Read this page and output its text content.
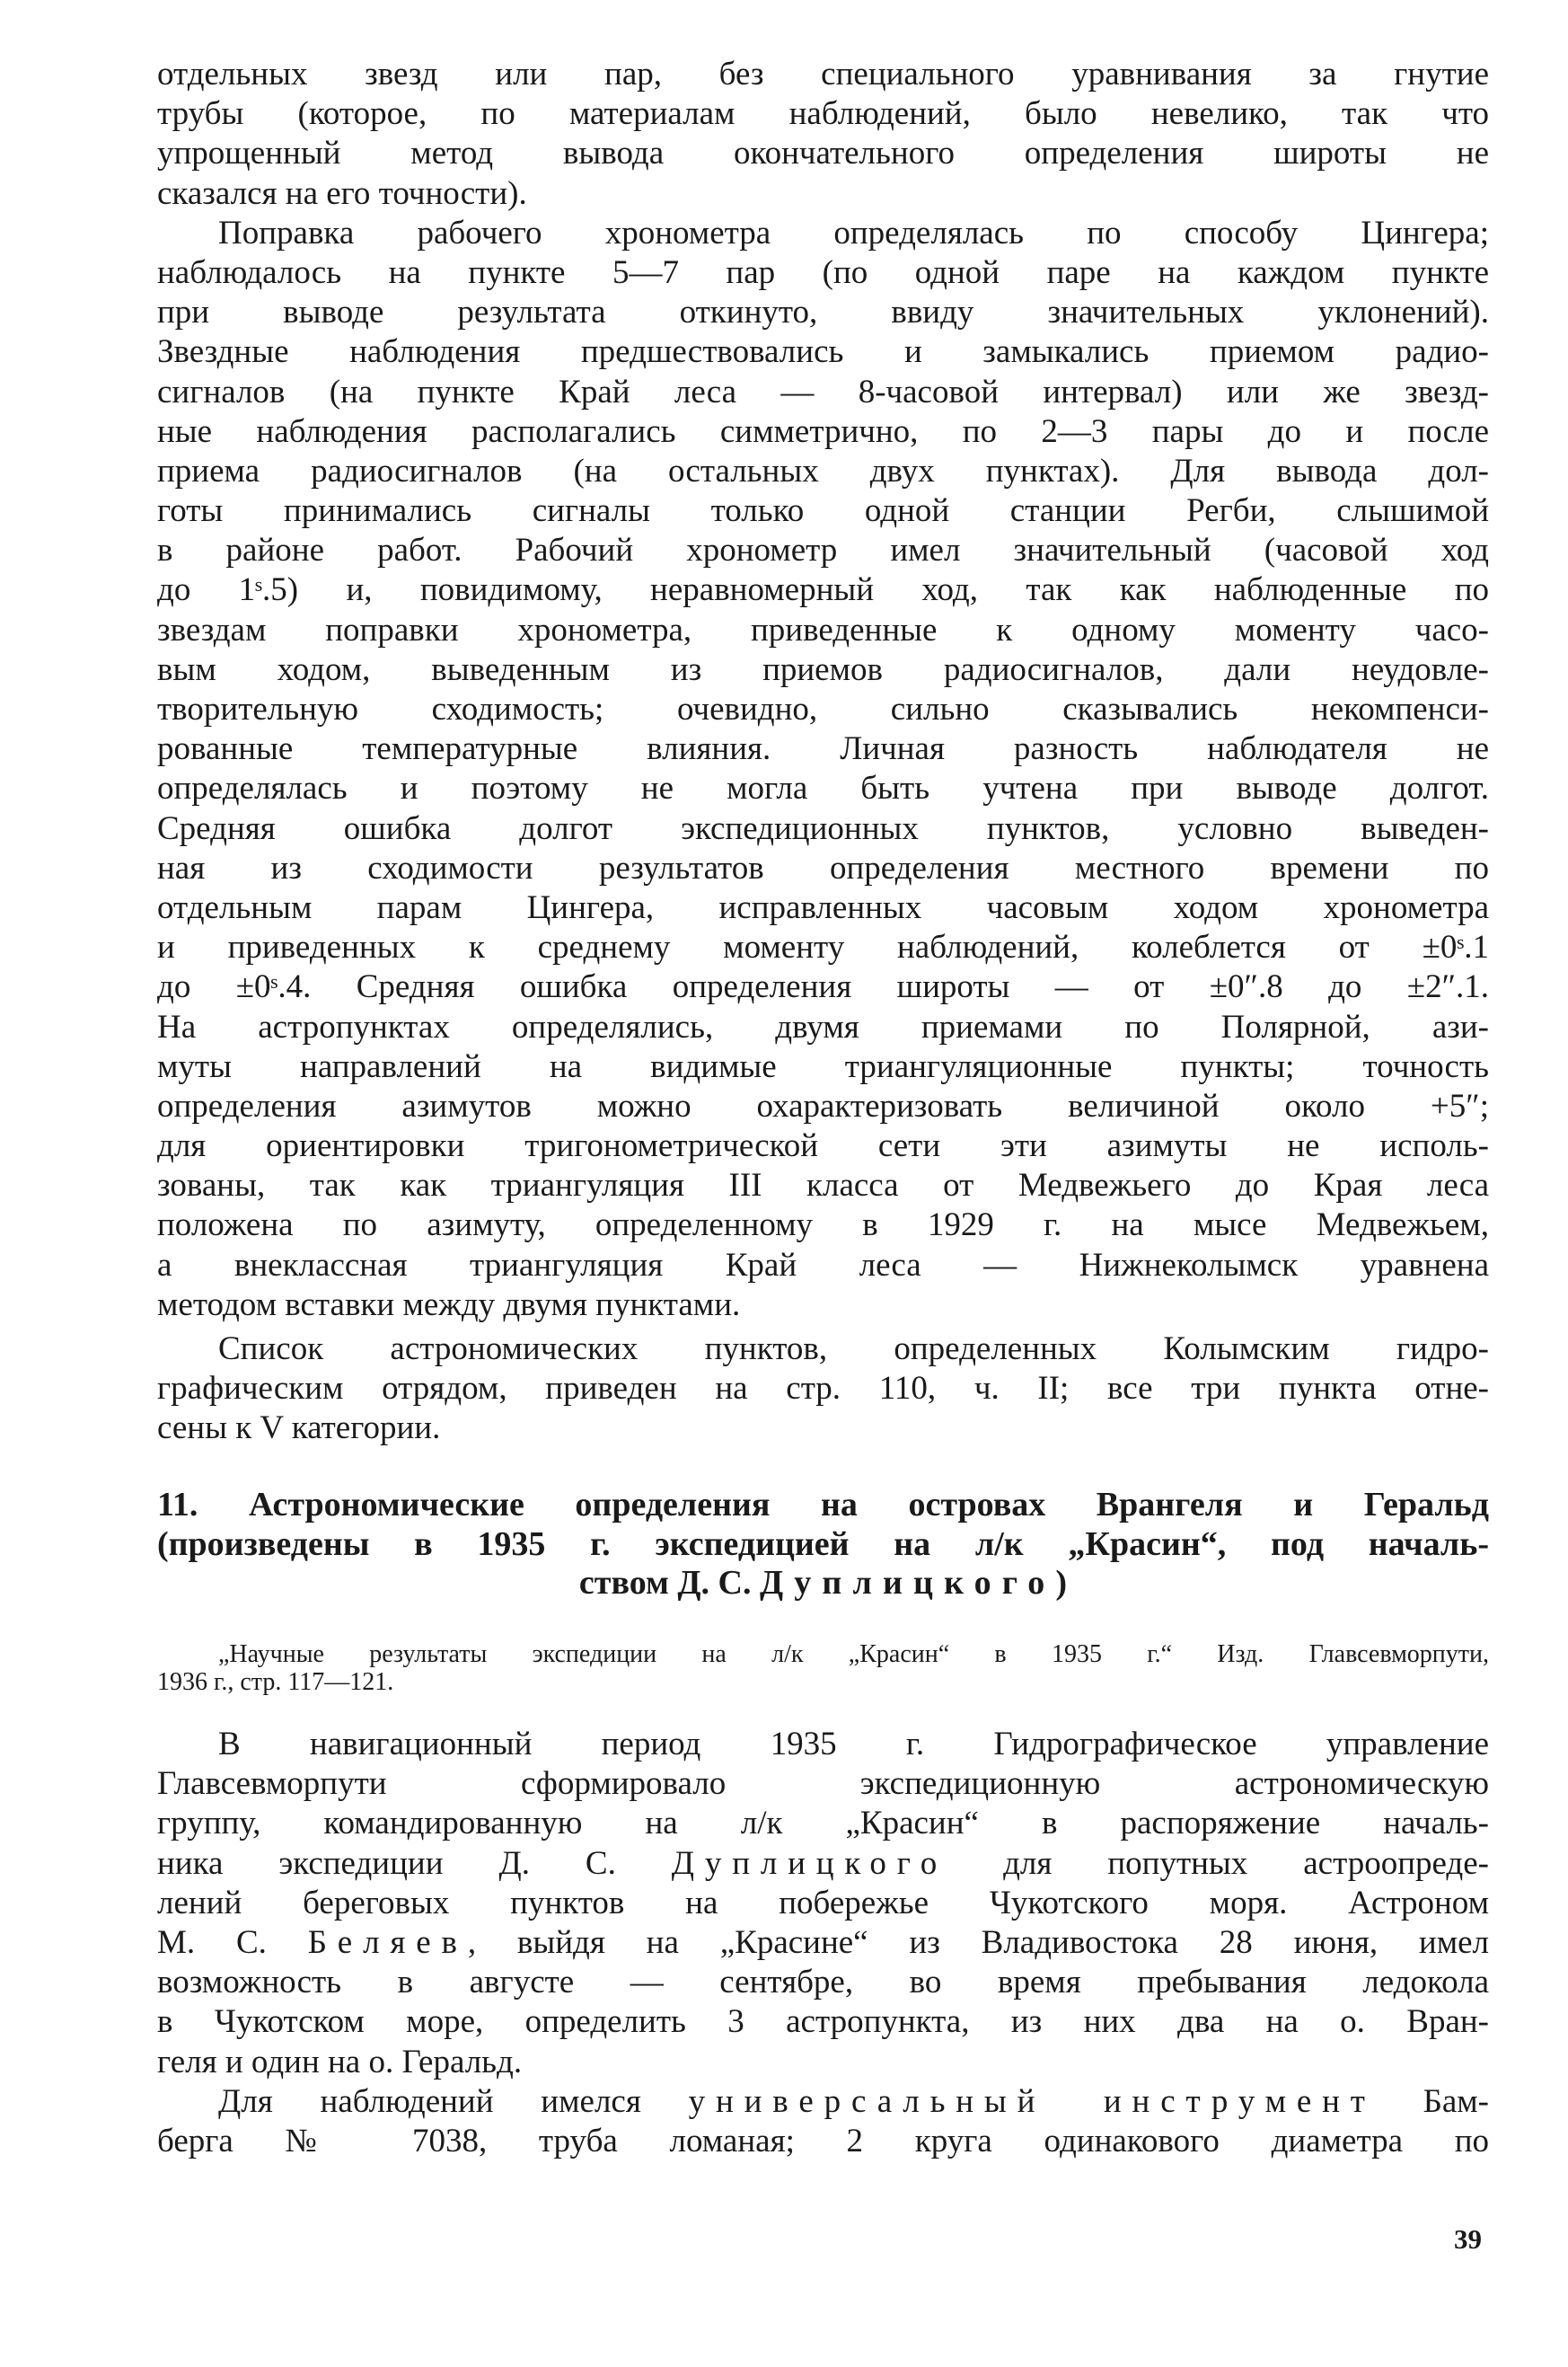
отдельных звезд или пар, без специального уравнивания за гнутие
трубы (которое, по материалам наблюдений, было невелико, так что
упрощенный метод вывода окончательного определения широты не
сказался на его точности).
Поправка рабочего хронометра определялась по способу Цингера;
наблюдалось на пункте 5—7 пар (по одной паре на каждом пункте
при выводе результата откинуто, ввиду значительных уклонений).
Звездные наблюдения предшествовались и замыкались приемом радио-
сигналов (на пункте Край леса — 8-часовой интервал) или же звезд-
ные наблюдения располагались симметрично, по 2—3 пары до и после
приема радиосигналов (на остальных двух пунктах). Для вывода дол-
готы принимались сигналы только одной станции Регби, слышимой
в районе работ. Рабочий хронометр имел значительный (часовой ход
до 1ˢ.5) и, повидимому, неравномерный ход, так как наблюденные по
звездам поправки хронометра, приведенные к одному моменту часо-
вым ходом, выведенным из приемов радиосигналов, дали неудовле-
творительную сходимость; очевидно, сильно сказывались некомпенси-
рованные температурные влияния. Личная разность наблюдателя не
определялась и поэтому не могла быть учтена при выводе долгот.
Средняя ошибка долгот экспедиционных пунктов, условно выведен-
ная из сходимости результатов определения местного времени по
отдельным парам Цингера, исправленных часовым ходом хронометра
и приведенных к среднему моменту наблюдений, колеблется от ±0ˢ.1
до ±0ˢ.4. Средняя ошибка определения широты — от ±0″.8 до ±2″.1.
На астропунктах определялись, двумя приемами по Полярной, ази-
муты направлений на видимые триангуляционные пункты; точность
определения азимутов можно охарактеризовать величиной около +5″;
для ориентировки тригонометрической сети эти азимуты не исполь-
зованы, так как триангуляция III класса от Медвежьего до Края леса
положена по азимуту, определенному в 1929 г. на мысе Медвежьем,
а внеклассная триангуляция Край леса — Нижнеколымск уравнена
методом вставки между двумя пунктами.
Список астрономических пунктов, определенных Колымским гидро-
графическим отрядом, приведен на стр. 110, ч. II; все три пункта отне-
сены к V категории.
11. Астрономические определения на островах Врангеля и Геральд
(произведены в 1935 г. экспедицией на л/к „Красин“, под началь-
ством Д. С. Дуплицкого)
„Научные результаты экспедиции на л/к „Красин“ в 1935 г.“ Изд. Главсевморпути,
1936 г., стр. 117—121.
В навигационный период 1935 г. Гидрографическое управление
Главсевморпути сформировало экспедиционную астрономическую
группу, командированную на л/к „Красин“ в распоряжение началь-
ника экспедиции Д. С. Дуплицкого для попутных астроопреде-
лений береговых пунктов на побережье Чукотского моря. Астроном
М. С. Беляев, выйдя на „Красине“ из Владивостока 28 июня, имел
возможность в августе — сентябре, во время пребывания ледокола
в Чукотском море, определить 3 астропункта, из них два на о. Вран-
геля и один на о. Геральд.
Для наблюдений имелся универсальный инструмент Бам-
берга № 7038, труба ломаная; 2 круга одинакового диаметра по
39
